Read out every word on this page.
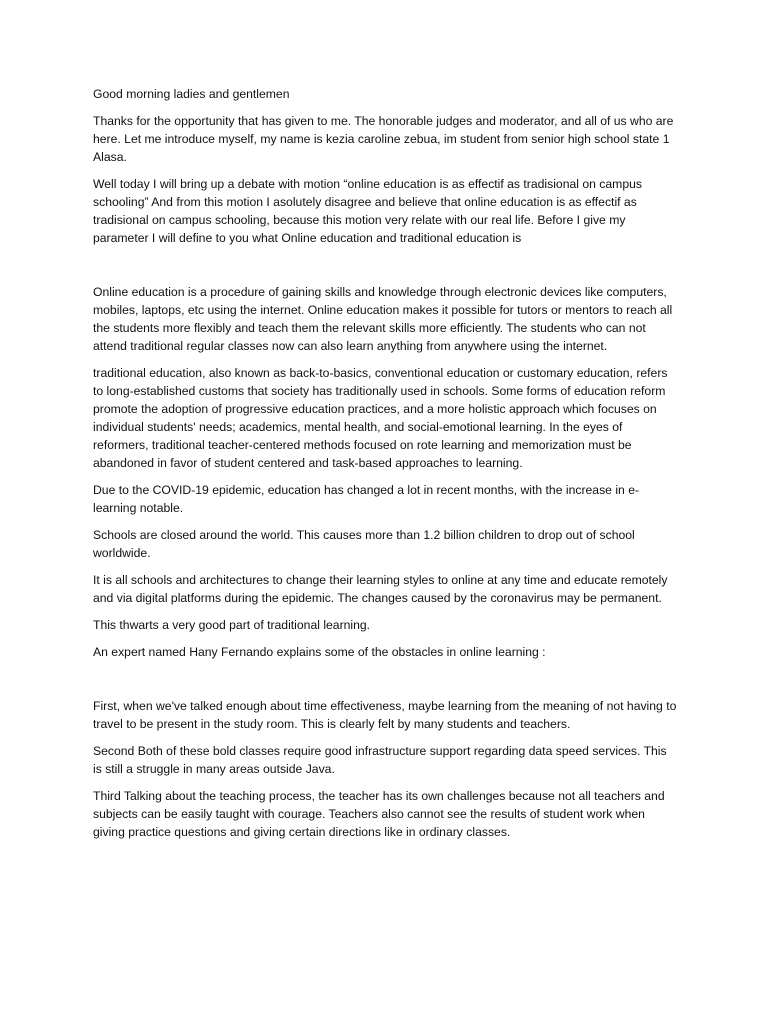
Good morning ladies and gentlemen

Thanks for the opportunity that has given to me. The honorable judges and moderator, and all of us who are here. Let me introduce myself, my name is kezia caroline zebua, im student from senior high school state 1 Alasa.

Well today I will bring up a debate with motion “online education is as effectif as tradisional on campus schooling” And from this motion I asolutely disagree and believe that online education is as effectif as tradisional on campus schooling, because this motion very relate with our real life. Before I give my parameter I will define to you what Online education and traditional education is

Online education is a procedure of gaining skills and knowledge through electronic devices like computers, mobiles, laptops, etc using the internet. Online education makes it possible for tutors or mentors to reach all the students more flexibly and teach them the relevant skills more efficiently. The students who can not attend traditional regular classes now can also learn anything from anywhere using the internet.

traditional education, also known as back-to-basics, conventional education or customary education, refers to long-established customs that society has traditionally used in schools. Some forms of education reform promote the adoption of progressive education practices, and a more holistic approach which focuses on individual students' needs; academics, mental health, and social-emotional learning. In the eyes of reformers, traditional teacher-centered methods focused on rote learning and memorization must be abandoned in favor of student centered and task-based approaches to learning.

Due to the COVID-19 epidemic, education has changed a lot in recent months, with the increase in e-learning notable.

Schools are closed around the world. This causes more than 1.2 billion children to drop out of school worldwide.

It is all schools and architectures to change their learning styles to online at any time and educate remotely and via digital platforms during the epidemic. The changes caused by the coronavirus may be permanent.

This thwarts a very good part of traditional learning.

An expert named Hany Fernando explains some of the obstacles in online learning :

First, when we've talked enough about time effectiveness, maybe learning from the meaning of not having to travel to be present in the study room. This is clearly felt by many students and teachers.

Second Both of these bold classes require good infrastructure support regarding data speed services. This is still a struggle in many areas outside Java.

Third Talking about the teaching process, the teacher has its own challenges because not all teachers and subjects can be easily taught with courage. Teachers also cannot see the results of student work when giving practice questions and giving certain directions like in ordinary classes.
